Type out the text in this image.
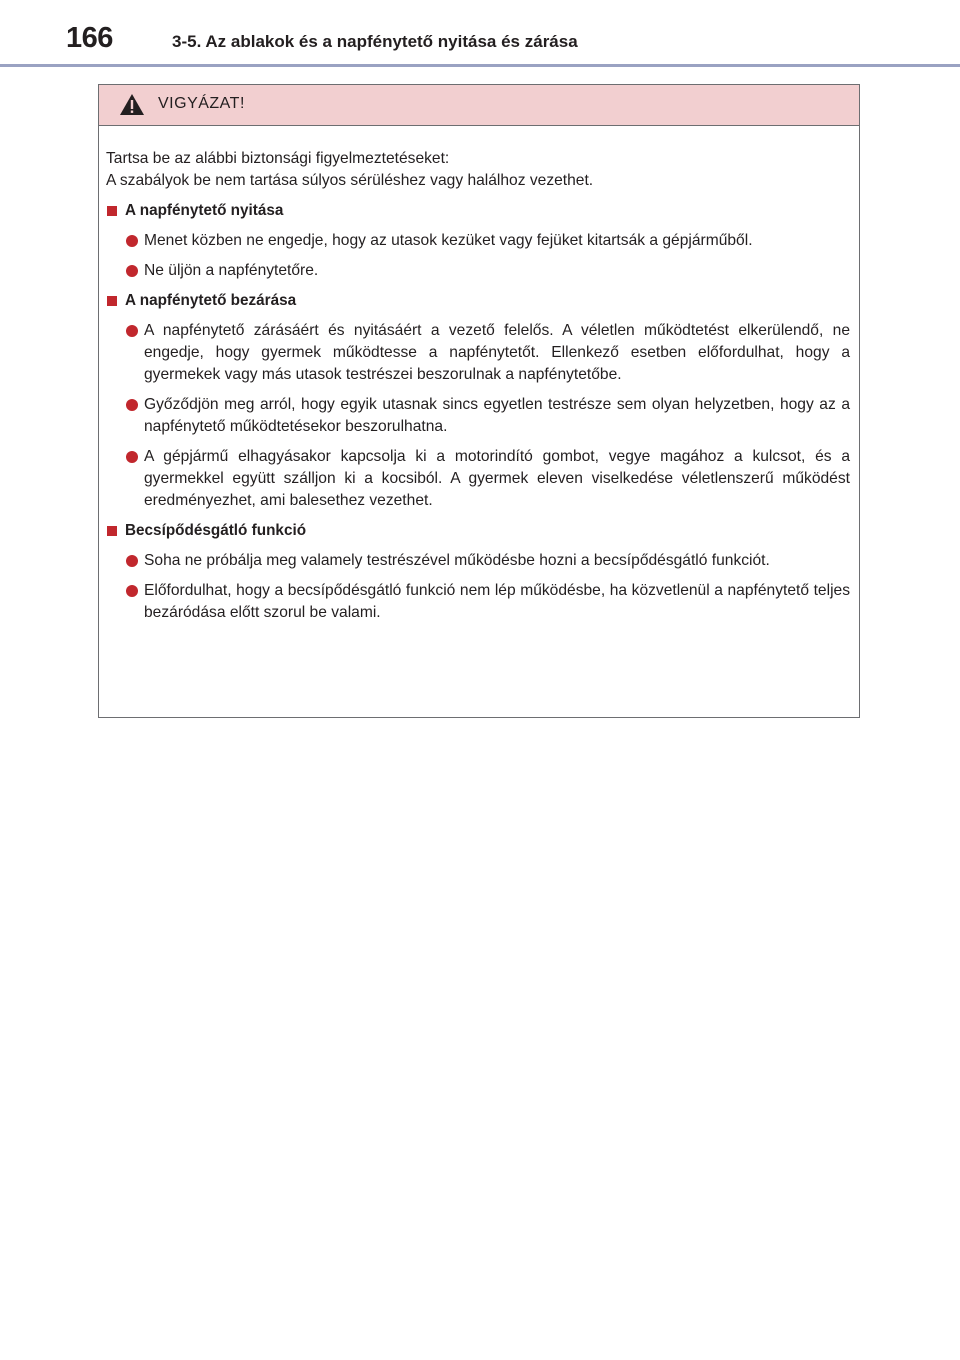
166	3-5. Az ablakok és a napfénytető nyitása és zárása
VIGYÁZAT!
Tartsa be az alábbi biztonsági figyelmeztetéseket:
A szabályok be nem tartása súlyos sérüléshez vagy halálhoz vezethet.
A napfénytető nyitása
Menet közben ne engedje, hogy az utasok kezüket vagy fejüket kitartsák a gépjárműből.
Ne üljön a napfénytetőre.
A napfénytető bezárása
A napfénytető zárásáért és nyitásáért a vezető felelős. A véletlen működtetést elkerülendő, ne engedje, hogy gyermek működtesse a napfénytetőt. Ellenkező esetben előfordulhat, hogy a gyermekek vagy más utasok testrészei beszorulnak a napfénytetőbe.
Győződjön meg arról, hogy egyik utasnak sincs egyetlen testrésze sem olyan helyzetben, hogy az a napfénytető működtetésekor beszorulhatna.
A gépjármű elhagyásakor kapcsolja ki a motorindító gombot, vegye magához a kulcsot, és a gyermekkel együtt szálljon ki a kocsiból. A gyermek eleven viselkedése véletlenszerű működést eredményezhet, ami balesethez vezethet.
Becsípődésgátló funkció
Soha ne próbálja meg valamely testrészével működésbe hozni a becsípődésgátló funkciót.
Előfordulhat, hogy a becsípődésgátló funkció nem lép működésbe, ha közvetlenül a napfénytető teljes bezáródása előtt szorul be valami.
